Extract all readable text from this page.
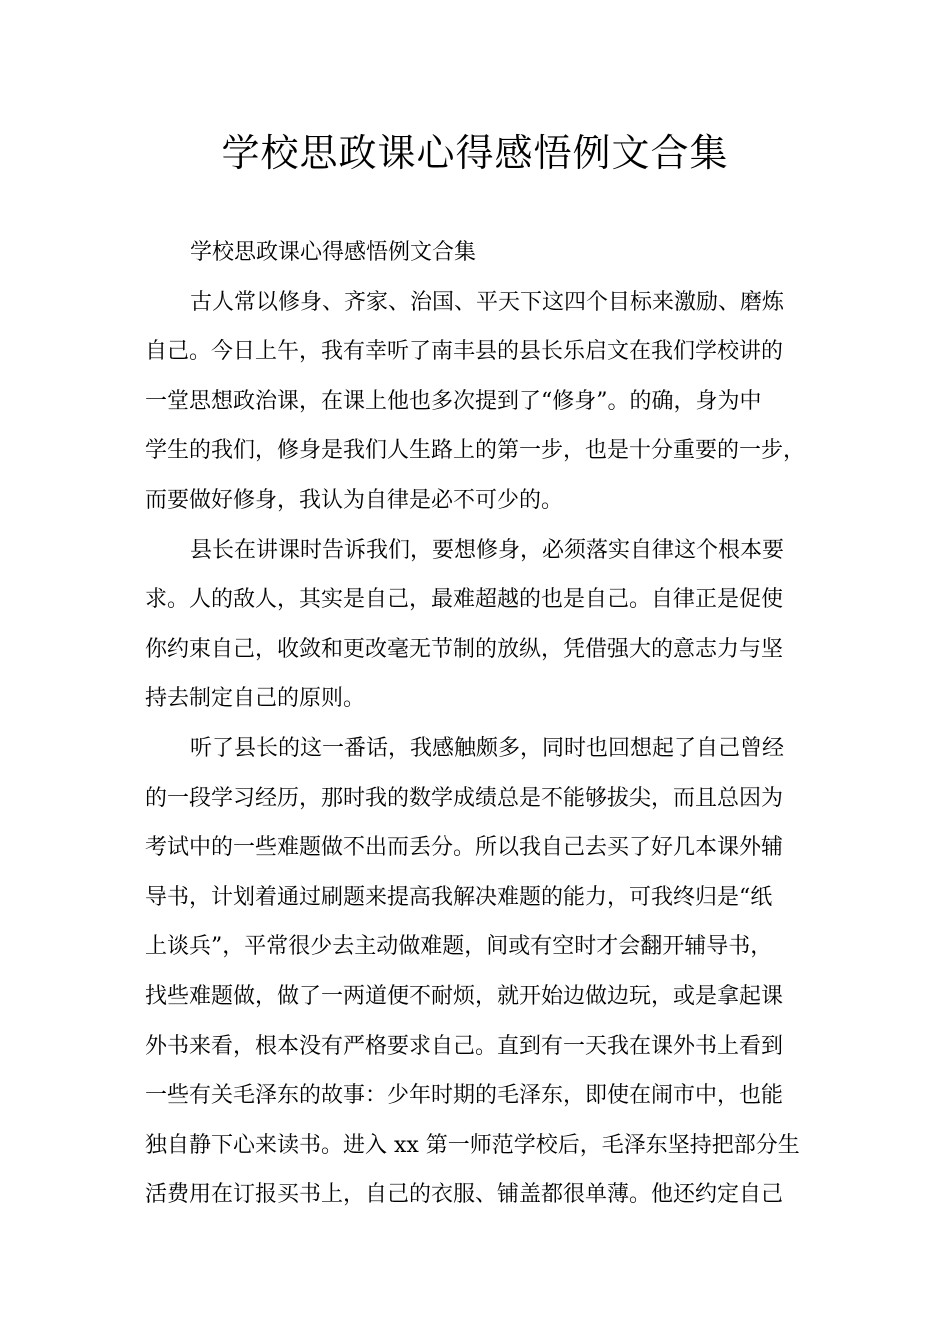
学校思政课心得感悟例文合集
学校思政课心得感悟例文合集
古人常以修身、齐家、治国、平天下这四个目标来激励、磨炼
自己。今日上午，我有幸听了南丰县的县长乐启文在我们学校讲的
一堂思想政治课，在课上他也多次提到了“修身”。的确，身为中
学生的我们，修身是我们人生路上的第一步，也是十分重要的一步，
而要做好修身，我认为自律是必不可少的。
县长在讲课时告诉我们，要想修身，必须落实自律这个根本要
求。人的敌人，其实是自己，最难超越的也是自己。自律正是促使
你约束自己，收敛和更改毫无节制的放纵，凭借强大的意志力与坚
持去制定自己的原则。
听了县长的这一番话，我感触颇多，同时也回想起了自己曾经
的一段学习经历，那时我的数学成绩总是不能够拔尖，而且总因为
考试中的一些难题做不出而丢分。所以我自己去买了好几本课外辅
导书，计划着通过刷题来提高我解决难题的能力，可我终归是“纸
上谈兵”，平常很少去主动做难题，间或有空时才会翻开辅导书，
找些难题做，做了一两道便不耐烦，就开始边做边玩，或是拿起课
外书来看，根本没有严格要求自己。直到有一天我在课外书上看到
一些有关毛泽东的故事：少年时期的毛泽东，即使在闹市中，也能
独自静下心来读书。进入 xx 第一师范学校后，毛泽东坚持把部分生
活费用在订报买书上，自己的衣服、铺盖都很单薄。他还约定自己
